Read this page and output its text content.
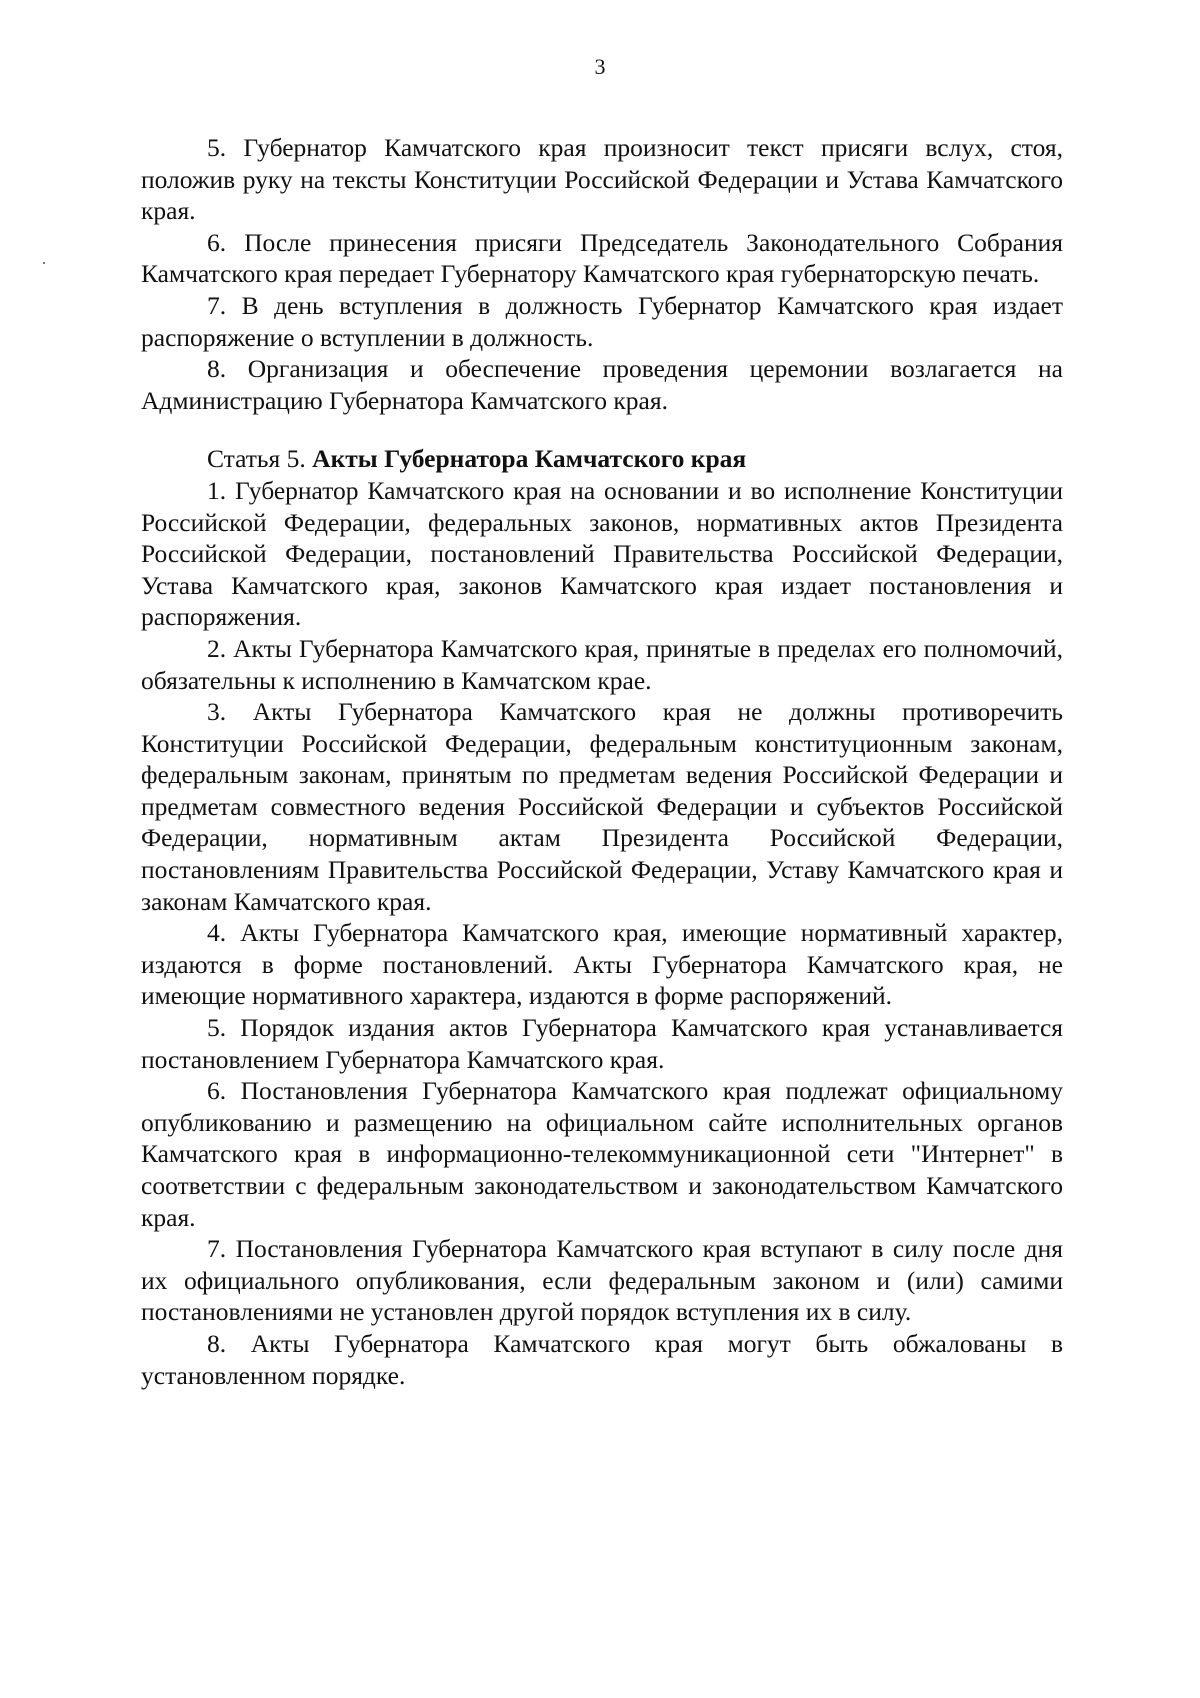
3

5. Губернатор Камчатского края произносит текст присяги вслух, стоя, положив руку на тексты Конституции Российской Федерации и Устава Камчатского края.

6. После принесения присяги Председатель Законодательного Собрания Камчатского края передает Губернатору Камчатского края губернаторскую печать.

7. В день вступления в должность Губернатор Камчатского края издает распоряжение о вступлении в должность.

8. Организация и обеспечение проведения церемонии возлагается на Администрацию Губернатора Камчатского края.

Статья 5. Акты Губернатора Камчатского края

1. Губернатор Камчатского края на основании и во исполнение Конституции Российской Федерации, федеральных законов, нормативных актов Президента Российской Федерации, постановлений Правительства Российской Федерации, Устава Камчатского края, законов Камчатского края издает постановления и распоряжения.

2. Акты Губернатора Камчатского края, принятые в пределах его полномочий, обязательны к исполнению в Камчатском крае.

3. Акты Губернатора Камчатского края не должны противоречить Конституции Российской Федерации, федеральным конституционным законам, федеральным законам, принятым по предметам ведения Российской Федерации и предметам совместного ведения Российской Федерации и субъектов Российской Федерации, нормативным актам Президента Российской Федерации, постановлениям Правительства Российской Федерации, Уставу Камчатского края и законам Камчатского края.

4. Акты Губернатора Камчатского края, имеющие нормативный характер, издаются в форме постановлений. Акты Губернатора Камчатского края, не имеющие нормативного характера, издаются в форме распоряжений.

5. Порядок издания актов Губернатора Камчатского края устанавливается постановлением Губернатора Камчатского края.

6. Постановления Губернатора Камчатского края подлежат официальному опубликованию и размещению на официальном сайте исполнительных органов Камчатского края в информационно-телекоммуникационной сети "Интернет" в соответствии с федеральным законодательством и законодательством Камчатского края.

7. Постановления Губернатора Камчатского края вступают в силу после дня их официального опубликования, если федеральным законом и (или) самими постановлениями не установлен другой порядок вступления их в силу.

8. Акты Губернатора Камчатского края могут быть обжалованы в установленном порядке.
